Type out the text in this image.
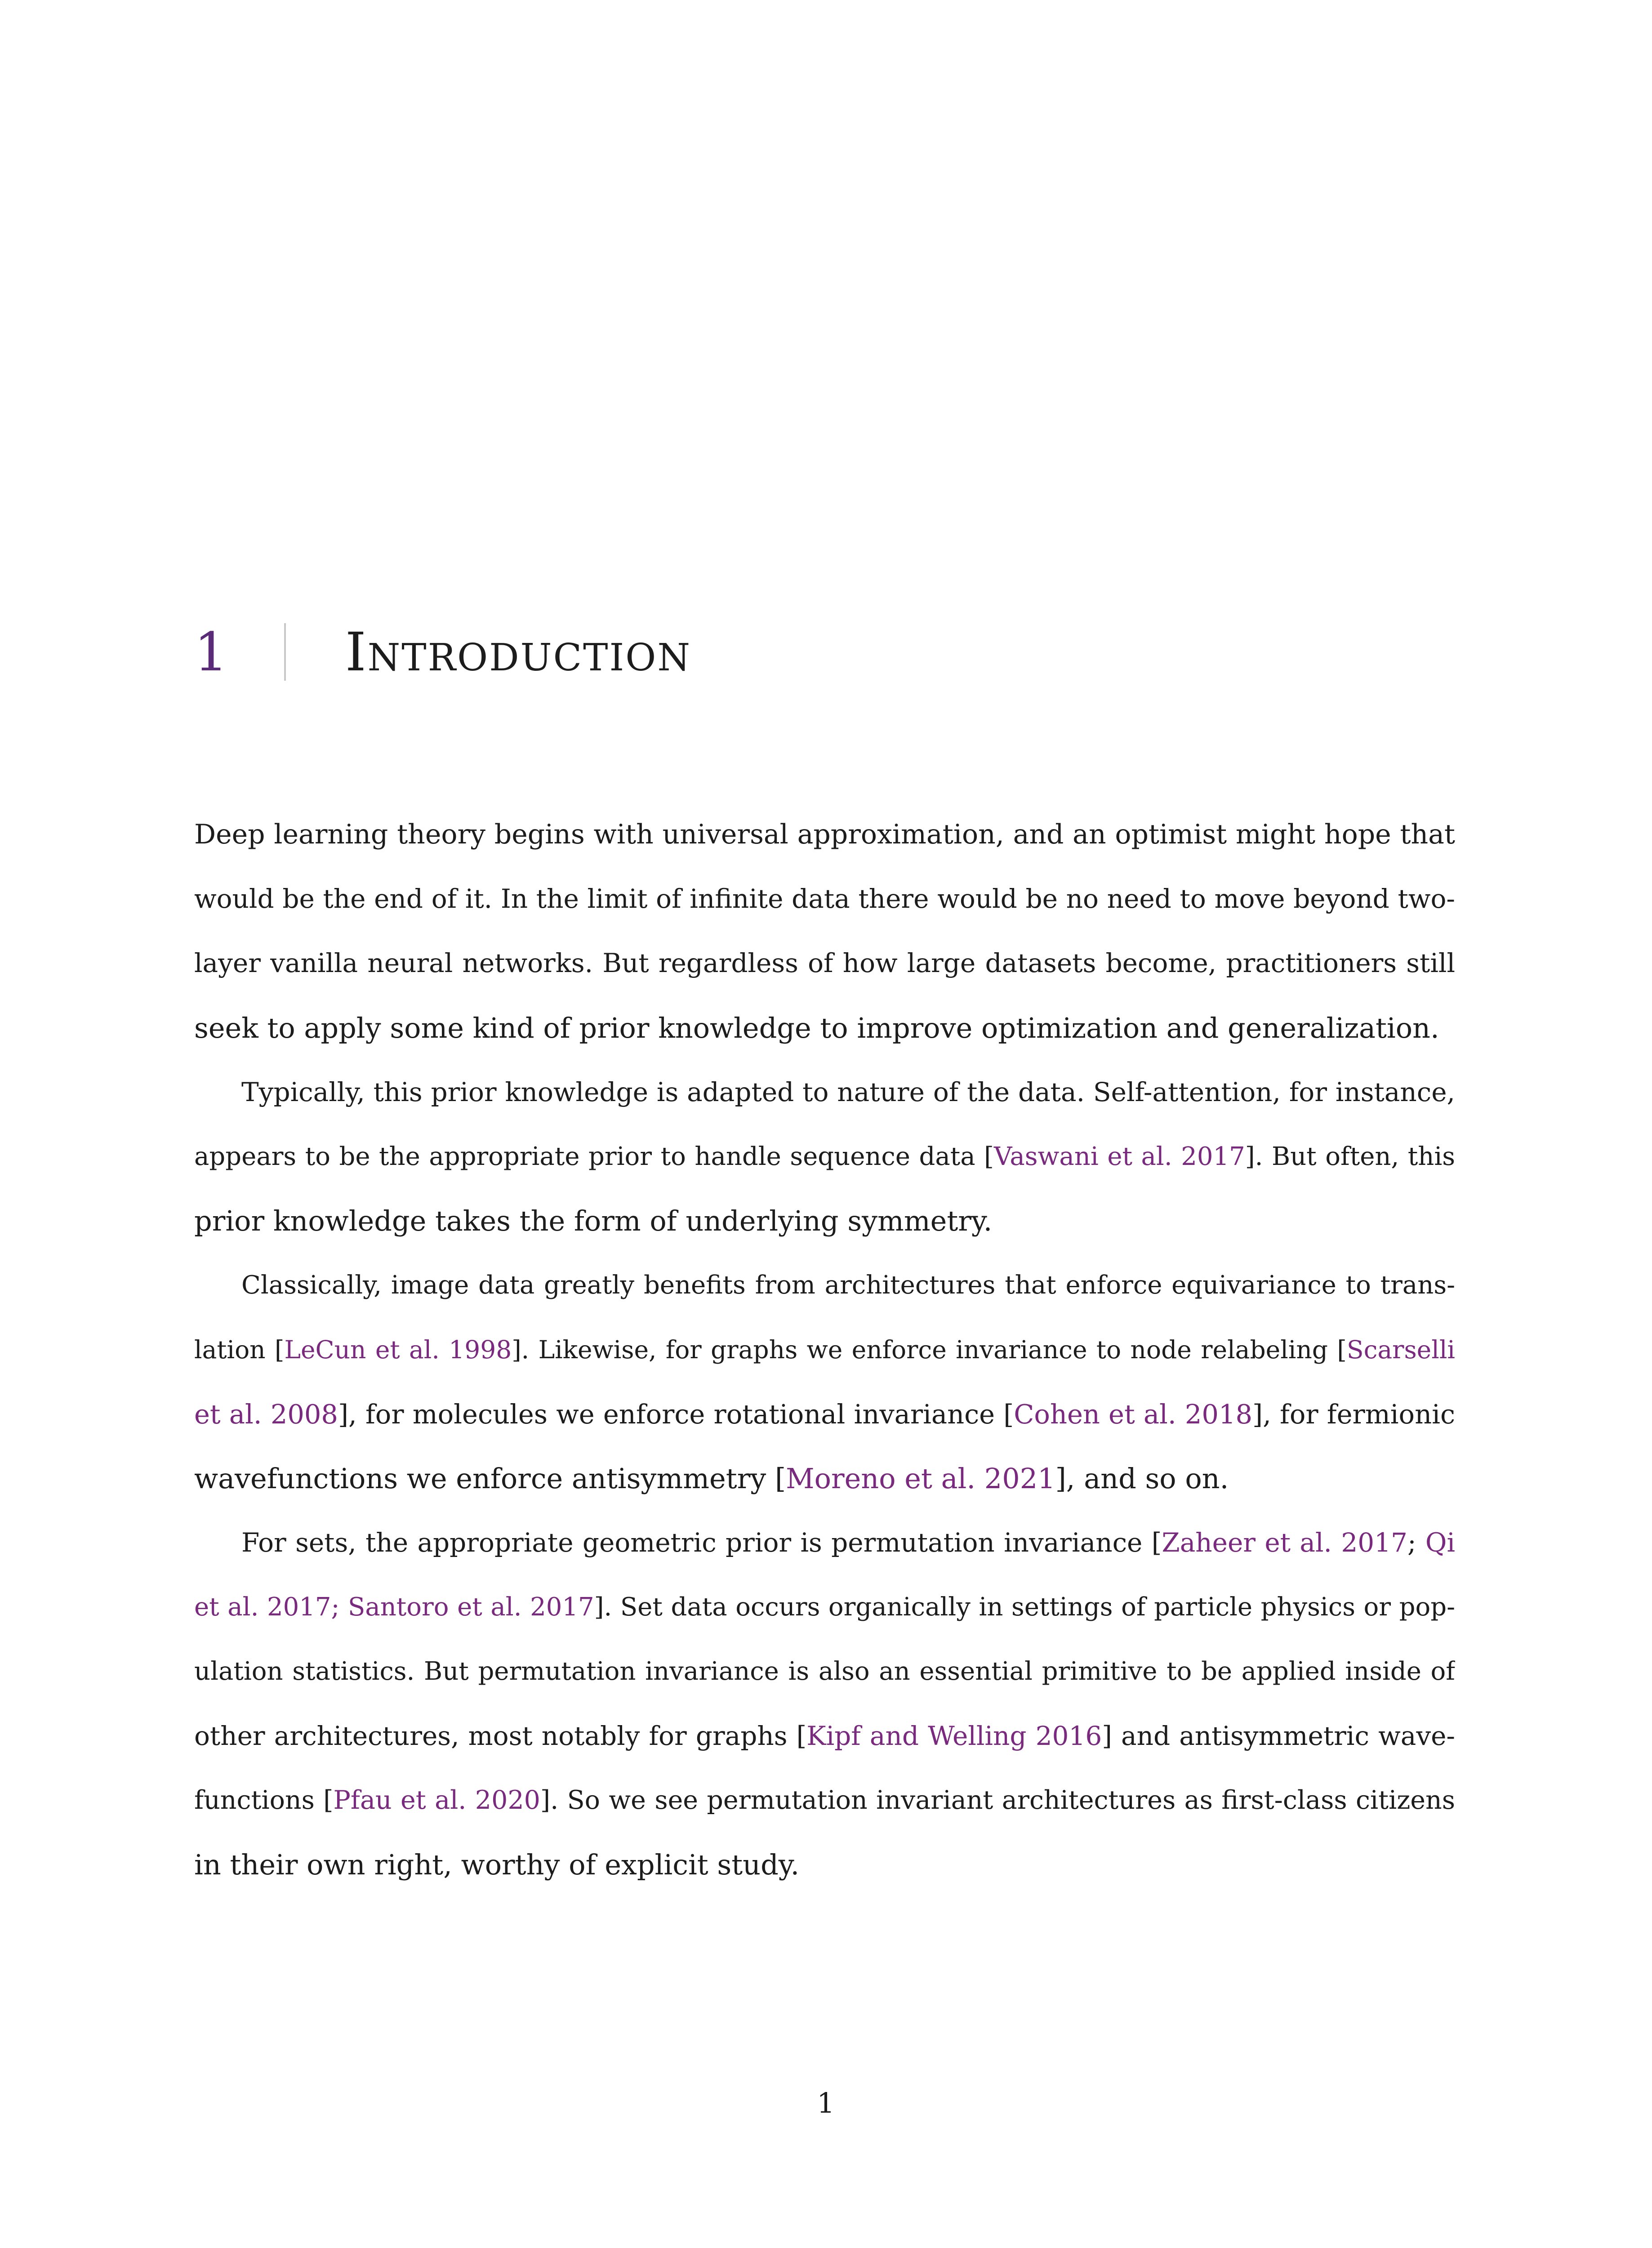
1 Introduction
Deep learning theory begins with universal approximation, and an optimist might hope that
would be the end of it. In the limit of infinite data there would be no need to move beyond two-
layer vanilla neural networks. But regardless of how large datasets become, practitioners still
seek to apply some kind of prior knowledge to improve optimization and generalization.
Typically, this prior knowledge is adapted to nature of the data. Self-attention, for instance,
appears to be the appropriate prior to handle sequence data [Vaswani et al. 2017]. But often, this
prior knowledge takes the form of underlying symmetry.
Classically, image data greatly benefits from architectures that enforce equivariance to trans-
lation [LeCun et al. 1998]. Likewise, for graphs we enforce invariance to node relabeling [Scarselli
et al. 2008], for molecules we enforce rotational invariance [Cohen et al. 2018], for fermionic
wavefunctions we enforce antisymmetry [Moreno et al. 2021], and so on.
For sets, the appropriate geometric prior is permutation invariance [Zaheer et al. 2017; Qi
et al. 2017; Santoro et al. 2017]. Set data occurs organically in settings of particle physics or pop-
ulation statistics. But permutation invariance is also an essential primitive to be applied inside of
other architectures, most notably for graphs [Kipf and Welling 2016] and antisymmetric wave-
functions [Pfau et al. 2020]. So we see permutation invariant architectures as first-class citizens
in their own right, worthy of explicit study.
1
